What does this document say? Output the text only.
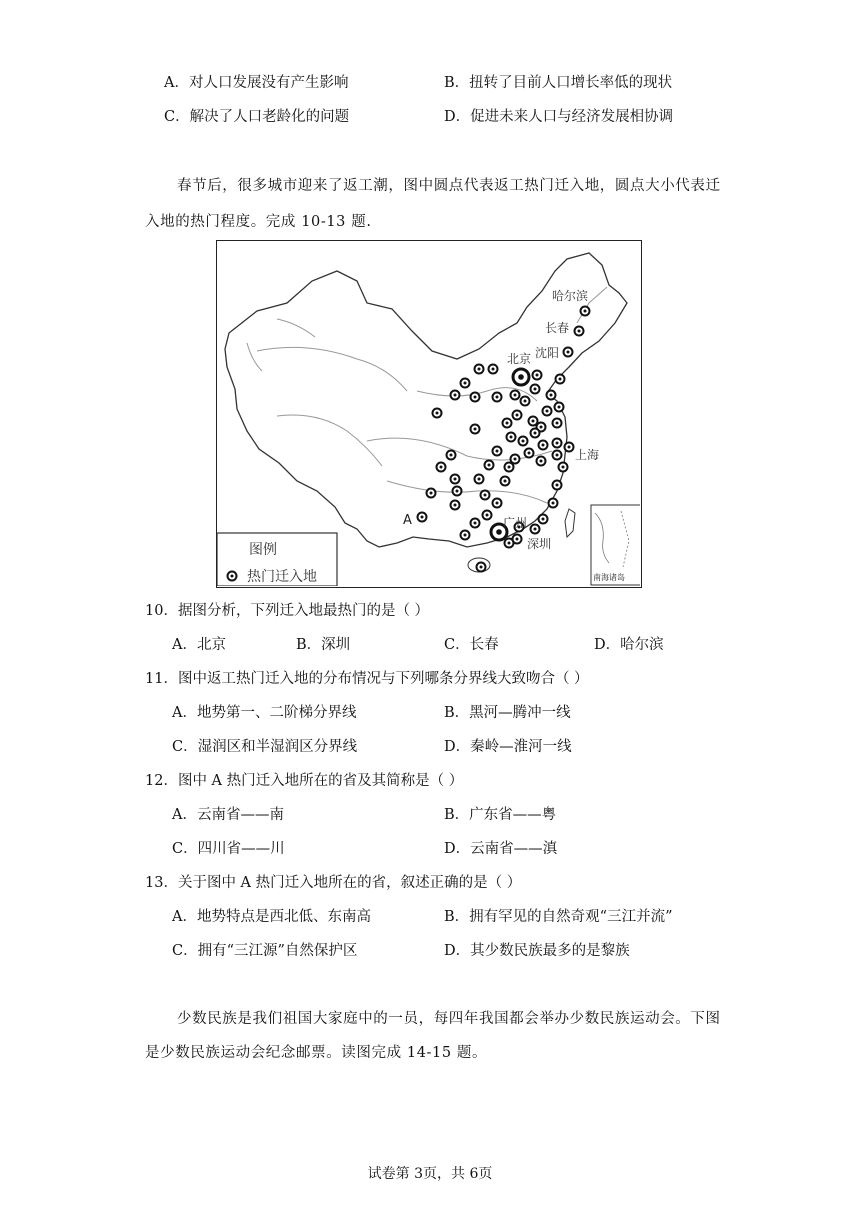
A．对人口发展没有产生影响	B．扭转了目前人口增长率低的现状
C．解决了人口老龄化的问题	D．促进未来人口与经济发展相协调
春节后，很多城市迎来了返工潮，图中圆点代表返工热门迁入地，圆点大小代表迁
入地的热门程度。完成 10-13 题.
南海诸岛
哈尔滨
长春
北京 沈阳
上海
广州
深圳
A
图例
热门迁入地
10．据图分析，下列迁入地最热门的是（ ）
A．北京	B．深圳	C．长春	D．哈尔滨
11．图中返工热门迁入地的分布情况与下列哪条分界线大致吻合（ ）
A．地势第一、二阶梯分界线	B．黑河—腾冲一线
C．湿润区和半湿润区分界线	D．秦岭—淮河一线
12．图中 A 热门迁入地所在的省及其简称是（ ）
A．云南省——南	B．广东省——粤
C．四川省——川	D．云南省——滇
13．关于图中 A 热门迁入地所在的省，叙述正确的是（ ）
A．地势特点是西北低、东南高	B．拥有罕见的自然奇观“三江并流”
C．拥有“三江源”自然保护区	D．其少数民族最多的是黎族
少数民族是我们祖国大家庭中的一员，每四年我国都会举办少数民族运动会。下图
是少数民族运动会纪念邮票。读图完成 14-15 题。
试卷第 3页，共 6页
